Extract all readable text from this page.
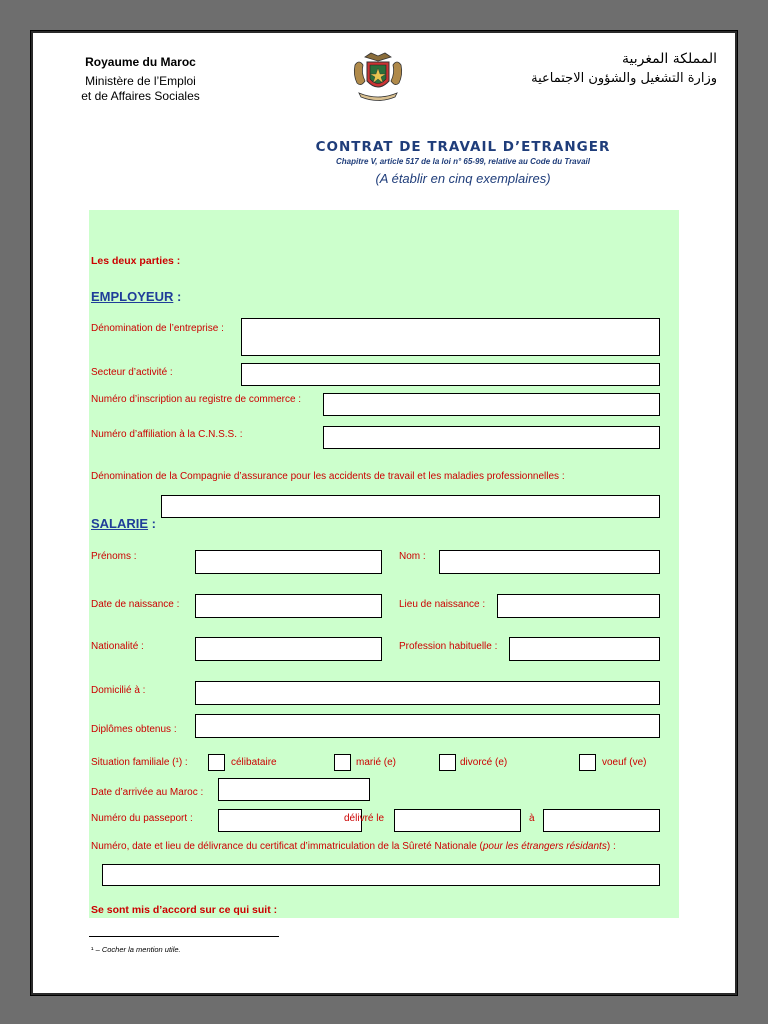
Royaume du Maroc
Ministère de l’Emploi
et de Affaires Sociales
المملكة المغربية
وزارة التشغيل والشؤون الاجتماعية
CONTRAT DE TRAVAIL D’ETRANGER
Chapitre V, article 517 de la loi n° 65-99, relative au Code du Travail
(A établir en cinq exemplaires)
Les deux parties :
EMPLOYEUR :
Dénomination de l’entreprise :
Secteur d’activité :
Numéro d’inscription au registre de commerce :
Numéro d’affiliation à la C.N.S.S. :
Dénomination de la Compagnie d’assurance pour les accidents de travail et les maladies professionnelles :
SALARIE :
Prénoms :	Nom :
Date de naissance :	Lieu de naissance :
Nationalité :	Profession habituelle :
Domicilié à :
Diplômes obtenus :
Situation familiale (¹) :	célibataire	marié (e)	divorcé (e)	voeuf (ve)
Date d’arrivée au Maroc :
Numéro du passeport :	délivré le	à
Numéro, date et lieu de délivrance du certificat d’immatriculation de la Sûreté Nationale (pour les étrangers résidants) :
Se sont mis d’accord sur ce qui suit :
¹ – Cocher la mention utile.
